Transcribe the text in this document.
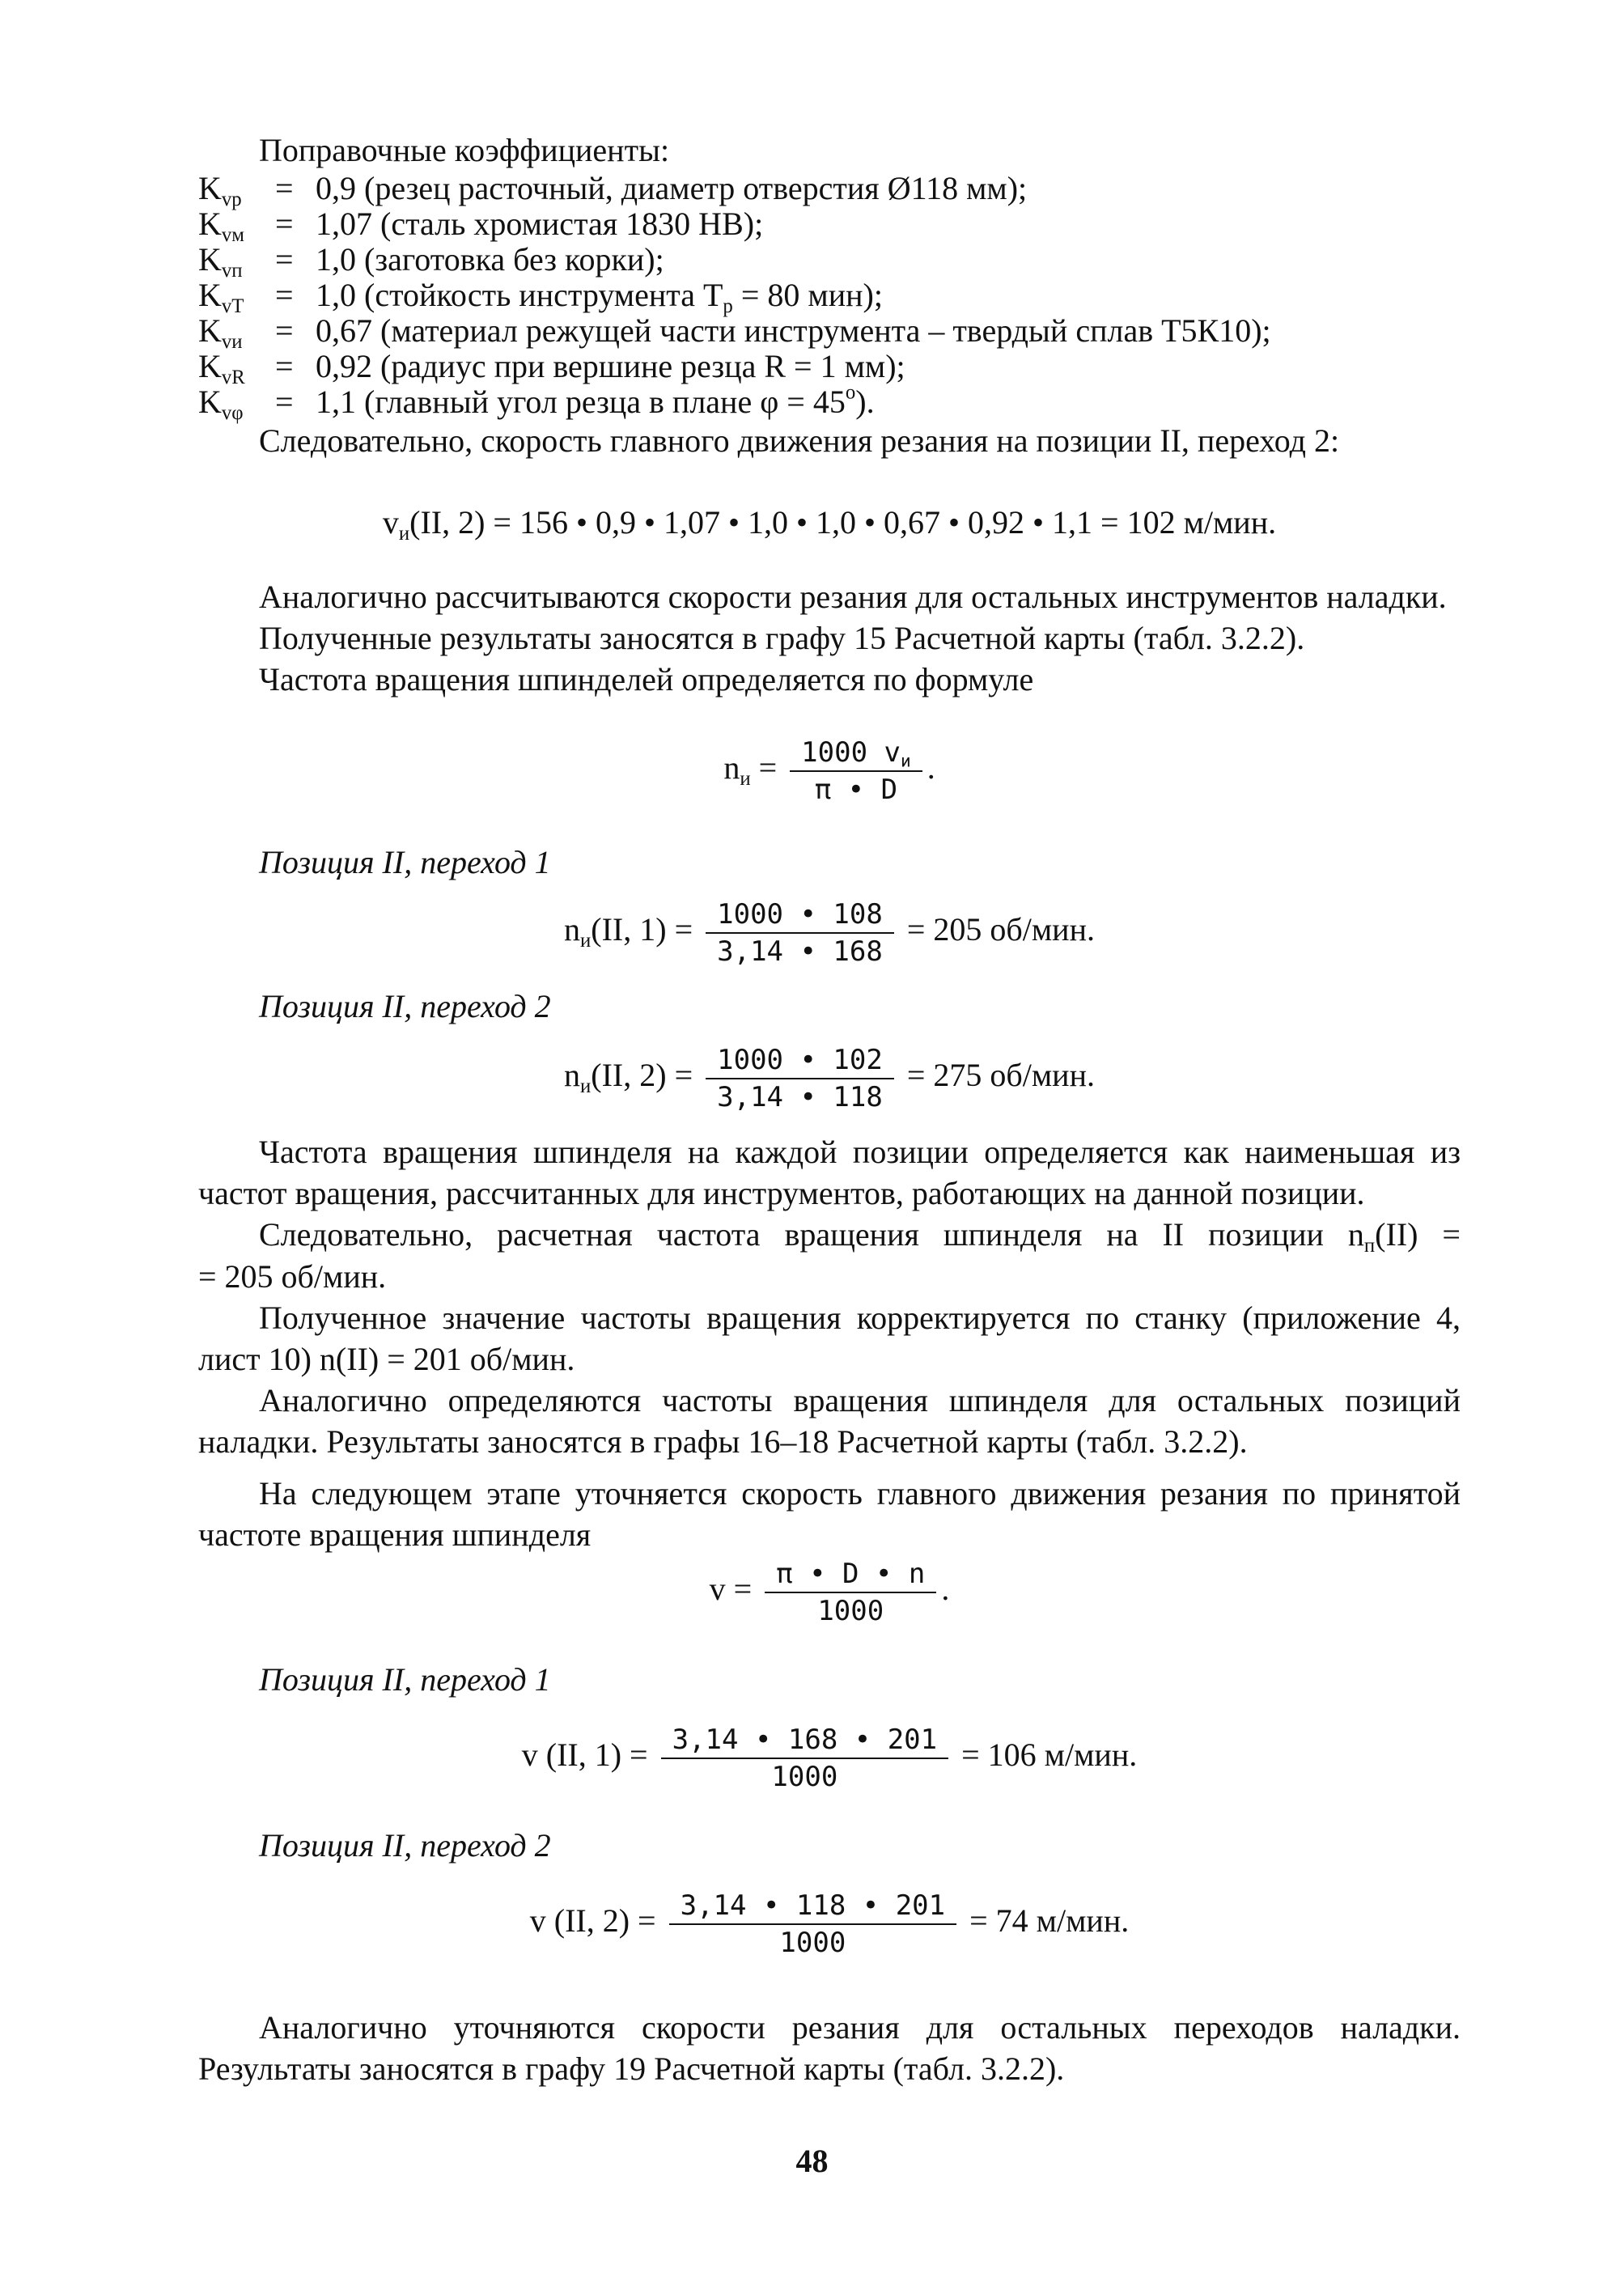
Поправочные коэффициенты:

$K_{vp}$	=	0,9 (резец расточный, диаметр отверстия Ø118 мм);
$K_{vм}$	=	1,07 (сталь хромистая 1830 НВ);
$K_{vп}$	=	1,0 (заготовка без корки);
$K_{vT}$	=	1,0 (стойкость инструмента $T_p = 80$ мин);
$K_{vи}$	=	0,67 (материал режущей части инструмента – твердый сплав Т5К10);
$K_{vR}$	=	0,92 (радиус при вершине резца R = 1 мм);
$K_{v\varphi}$	=	1,1 (главный угол резца в плане $\varphi = 45^o$).

Следовательно, скорость главного движения резания на позиции II, переход 2:

$v_и(II$, 2) = 156 • 0,9 • 1,07 • 1,0 • 1,0 • 0,67 • 0,92 • 1,1 = 102 м/мин.

Аналогично рассчитываются скорости резания для остальных инструментов наладки.

Полученные результаты заносятся в графу 15 Расчетной карты (табл. 3.2.2).

Частота вращения шпинделей определяется по формуле

$n_и = \frac{1000 v_и}{\pi • D}$ .
Позиция II, переход 1
$n_и(II$, $1) = \frac{1000 • 108}{3,14 • 168} = 205$ об/мин.
Позиция II, переход 2
$n_и(II$, $2) = \frac{1000 • 102}{3,14 • 118} = 275$ об/мин.

Частота вращения шпинделя на каждой позиции определяется как наименьшая из частот вращения, рассчитанных для инструментов, работающих на данной позиции.

Следовательно, расчетная частота вращения шпинделя на II позиции $n_п(II)$ =

= 205 об/мин.

Полученное значение частоты вращения корректируется по станку (приложение 4, лист 10) n(II) = 201 об/мин.

Аналогично определяются частоты вращения шпинделя для остальных позиций наладки. Результаты заносятся в графы 16–18 Расчетной карты (табл. 3.2.2).

На следующем этапе уточняется скорость главного движения резания по принятой частоте вращения шпинделя

$v = \frac{\pi • D • n}{1000}$ .
Позиция II, переход 1
v (II, $1) = \frac{3,14 • 168 • 201}{1000} = 106$ м/мин.
Позиция II, переход 2
v (II, $2) = \frac{3,14 • 118 • 201}{1000} = 74$ м/мин.

Аналогично уточняются скорости резания для остальных переходов наладки. Результаты заносятся в графу 19 Расчетной карты (табл. 3.2.2).

48
